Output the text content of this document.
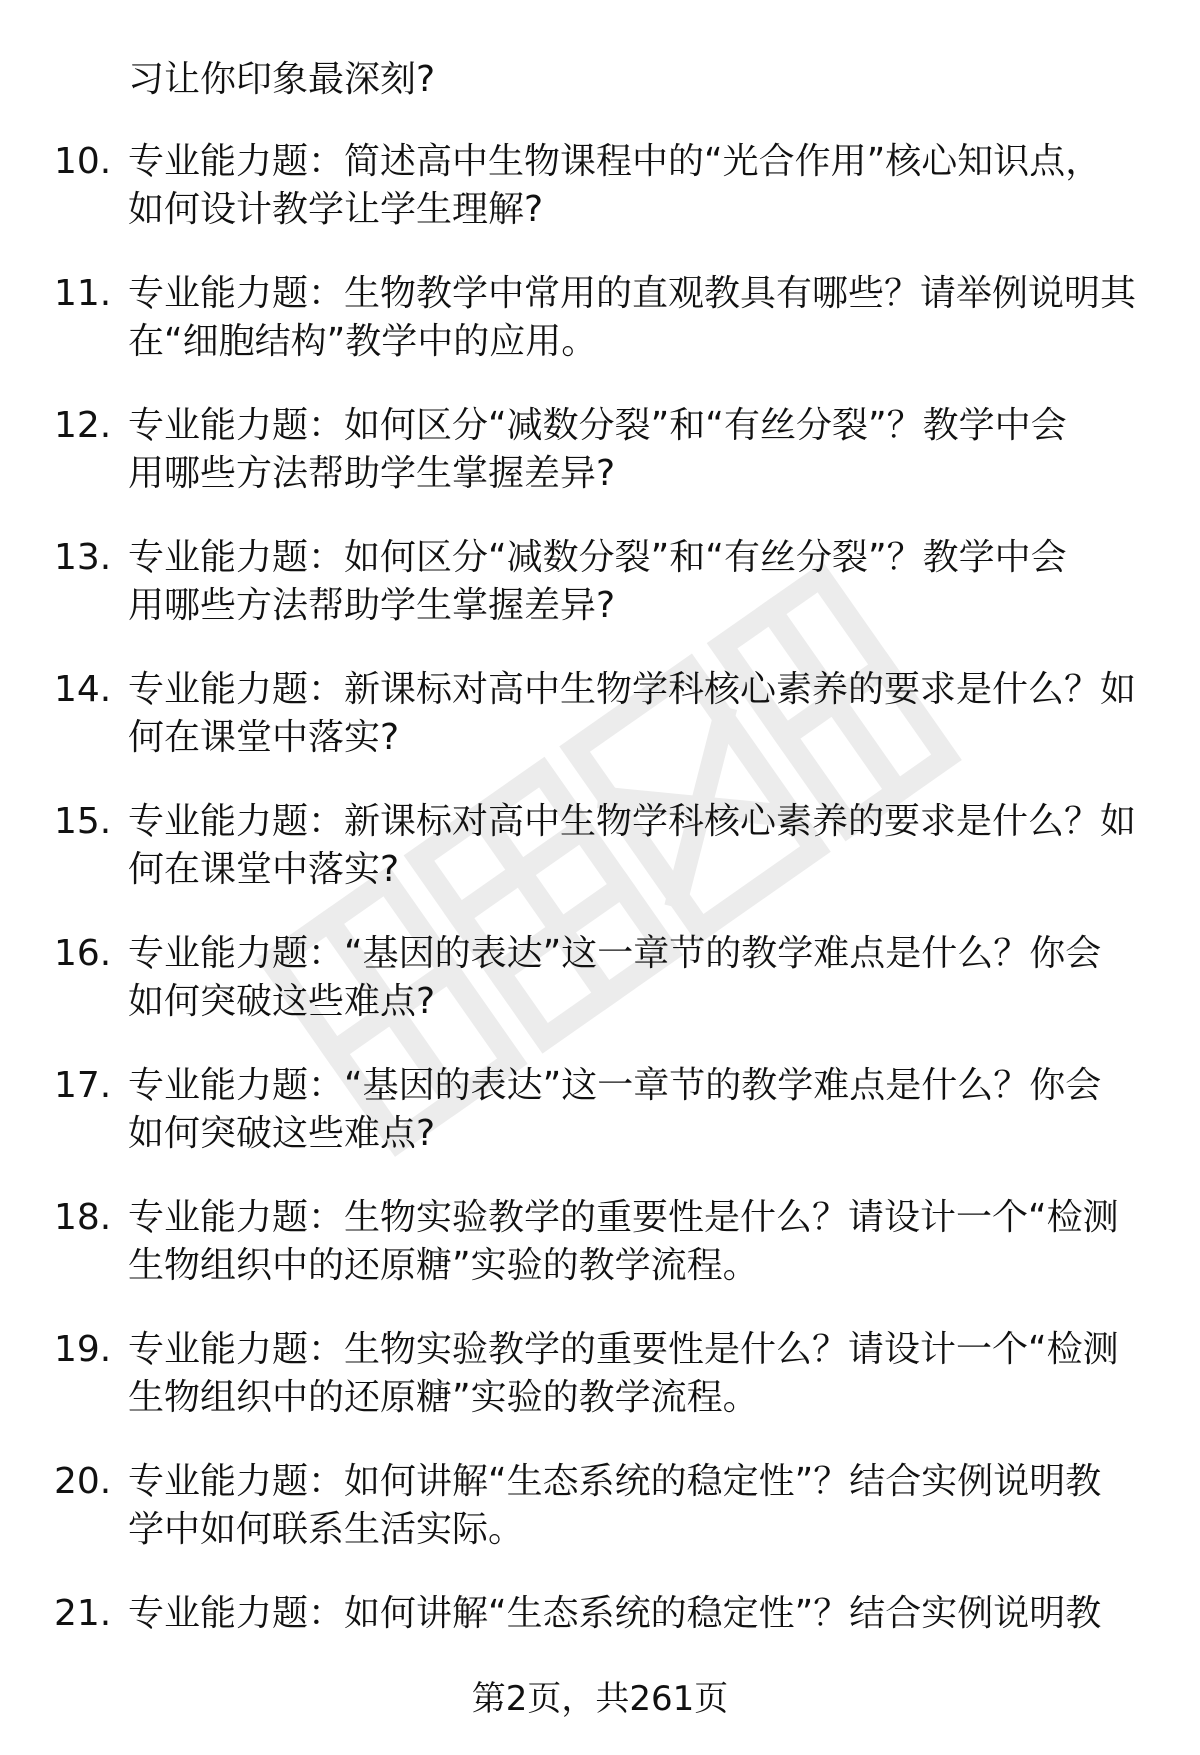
习让你印象最深刻?
10. 专业能力题：简述高中生物课程中的“光合作用”核心知识点，
如何设计教学让学生理解?
11. 专业能力题：生物教学中常用的直观教具有哪些？请举例说明其
在“细胞结构”教学中的应用。
12. 专业能力题：如何区分“减数分裂”和“有丝分裂”？教学中会
用哪些方法帮助学生掌握差异?
13. 专业能力题：如何区分“减数分裂”和“有丝分裂”？教学中会
用哪些方法帮助学生掌握差异?
14. 专业能力题：新课标对高中生物学科核心素养的要求是什么？如
何在课堂中落实?
15. 专业能力题：新课标对高中生物学科核心素养的要求是什么？如
何在课堂中落实?
16. 专业能力题：“基因的表达”这一章节的教学难点是什么？你会
如何突破这些难点?
17. 专业能力题：“基因的表达”这一章节的教学难点是什么？你会
如何突破这些难点?
18. 专业能力题：生物实验教学的重要性是什么？请设计一个“检测
生物组织中的还原糖”实验的教学流程。
19. 专业能力题：生物实验教学的重要性是什么？请设计一个“检测
生物组织中的还原糖”实验的教学流程。
20. 专业能力题：如何讲解“生态系统的稳定性”？结合实例说明教
学中如何联系生活实际。
21. 专业能力题：如何讲解“生态系统的稳定性”？结合实例说明教
第2页，共261页
